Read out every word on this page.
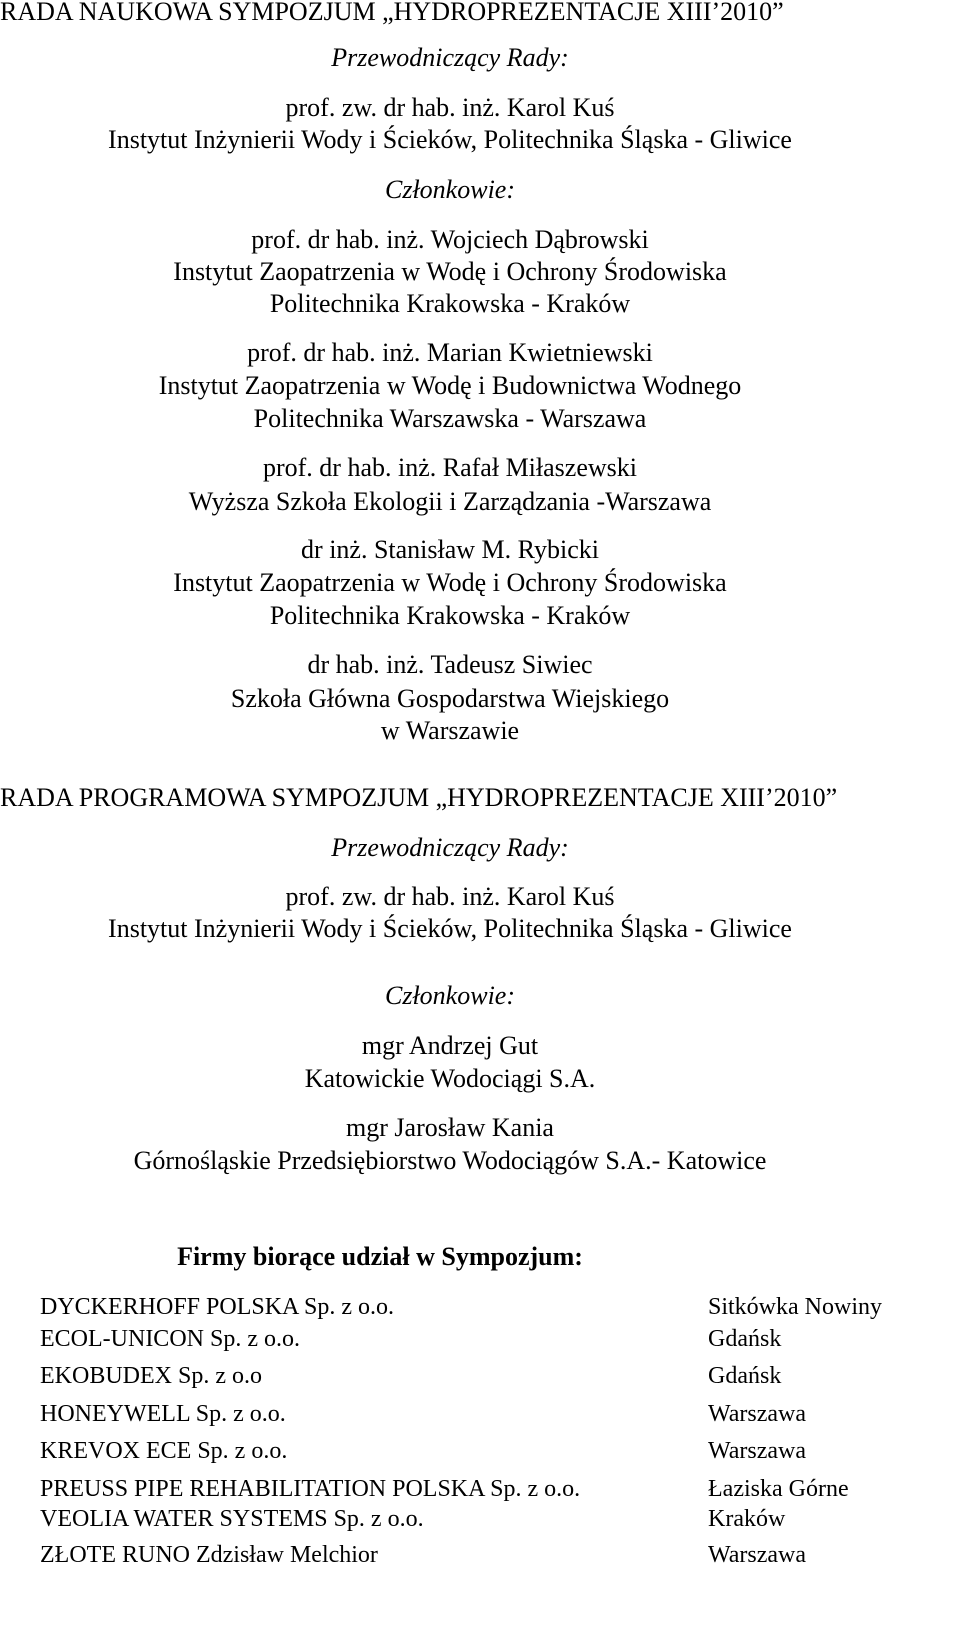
RADA NAUKOWA SYMPOZJUM „HYDROPREZENTACJE XIII’2010”
Przewodniczący Rady:
prof. zw. dr hab. inż. Karol Kuś
Instytut Inżynierii Wody i Ścieków, Politechnika Śląska - Gliwice
Członkowie:
prof. dr hab. inż. Wojciech Dąbrowski
Instytut Zaopatrzenia w Wodę i Ochrony Środowiska
Politechnika Krakowska - Kraków
prof. dr hab. inż. Marian Kwietniewski
Instytut Zaopatrzenia w Wodę i Budownictwa Wodnego
Politechnika Warszawska - Warszawa
prof. dr hab. inż. Rafał Miłaszewski
Wyższa Szkoła Ekologii i Zarządzania -Warszawa
dr inż. Stanisław M. Rybicki
Instytut Zaopatrzenia w Wodę i Ochrony Środowiska
Politechnika Krakowska - Kraków
dr hab. inż. Tadeusz Siwiec
Szkoła Główna Gospodarstwa Wiejskiego
w Warszawie
RADA PROGRAMOWA SYMPOZJUM „HYDROPREZENTACJE XIII’2010”
Przewodniczący Rady:
prof. zw. dr hab. inż. Karol Kuś
Instytut Inżynierii Wody i Ścieków, Politechnika Śląska - Gliwice
Członkowie:
mgr Andrzej Gut
Katowickie Wodociągi S.A.
mgr Jarosław Kania
Górnośląskie Przedsiębiorstwo Wodociągów S.A.- Katowice
Firmy biorące udział w Sympozjum:
DYCKERHOFF POLSKA Sp. z o.o.	Sitkówka Nowiny
ECOL-UNICON Sp. z o.o.	Gdańsk
EKOBUDEX Sp. z o.o	Gdańsk
HONEYWELL Sp. z o.o.	Warszawa
KREVOX ECE Sp. z o.o.	Warszawa
PREUSS PIPE REHABILITATION POLSKA Sp. z o.o.	Łaziska Górne
VEOLIA WATER SYSTEMS Sp. z o.o.	Kraków
ZŁOTE RUNO Zdzisław Melchior	Warszawa
